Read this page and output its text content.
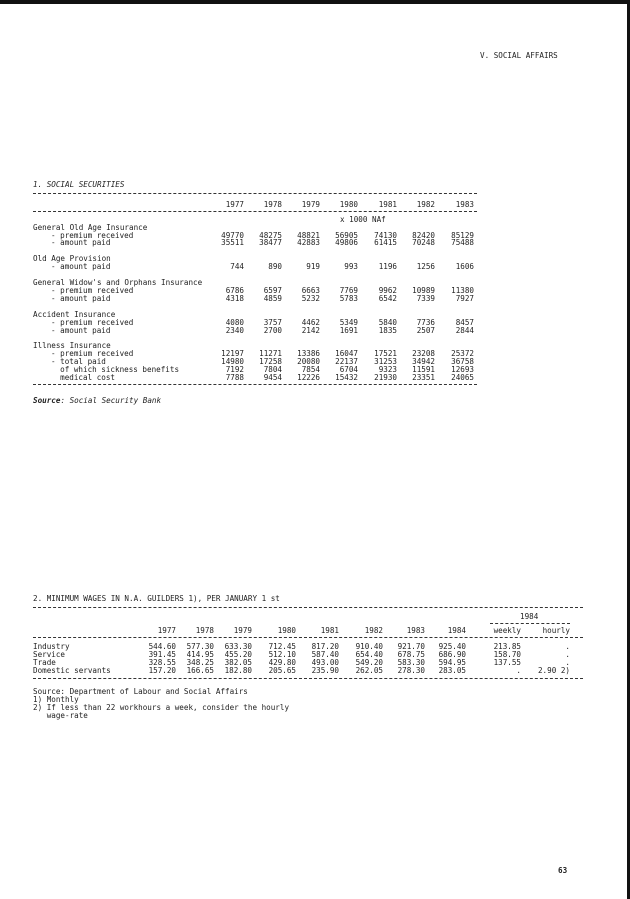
V. SOCIAL AFFAIRS
63
1. SOCIAL SECURITIES
1977	1978	1979	1980	1981	1982	1983
x 1000 NAf
General Old Age Insurance
- premium received	49770	48275	48821	56905	74130	82420	85129
- amount paid	35511	38477	42883	49806	61415	70248	75488
Old Age Provision
- amount paid	744	890	919	993	1196	1256	1606
General Widow's and Orphans Insurance
- premium received	6786	6597	6663	7769	9962	10989	11380
- amount paid	4318	4859	5232	5783	6542	7339	7927
Accident Insurance
- premium received	4080	3757	4462	5349	5840	7736	8457
- amount paid	2340	2700	2142	1691	1835	2507	2844
Illness Insurance
- premium received	12197	11271	13386	16047	17521	23208	25372
- total paid	14980	17258	20080	22137	31253	34942	36758
of which sickness benefits	7192	7804	7854	6704	9323	11591	12693
medical cost	7788	9454	12226	15432	21930	23351	24065
Source: Social Security Bank
2. MINIMUM WAGES IN N.A. GUILDERS 1), PER JANUARY 1 st
1984
1977	1978	1979	1980	1981	1982	1983	1984	weekly	hourly
Industry	544.60	577.30	633.30	712.45	817.20	910.40	921.70	925.40	213.85	.
Service	391.45	414.95	455.20	512.10	587.40	654.40	678.75	686.90	158.70	.
Trade	328.55	348.25	382.05	429.80	493.00	549.20	583.30	594.95	137.55	.
Domestic servants	157.20	166.65	182.80	205.65	235.90	262.05	278.30	283.05	.	2.90 2)
Source: Department of Labour and Social Affairs
1) Monthly
2) If less than 22 workhours a week, consider the hourly
wage-rate
